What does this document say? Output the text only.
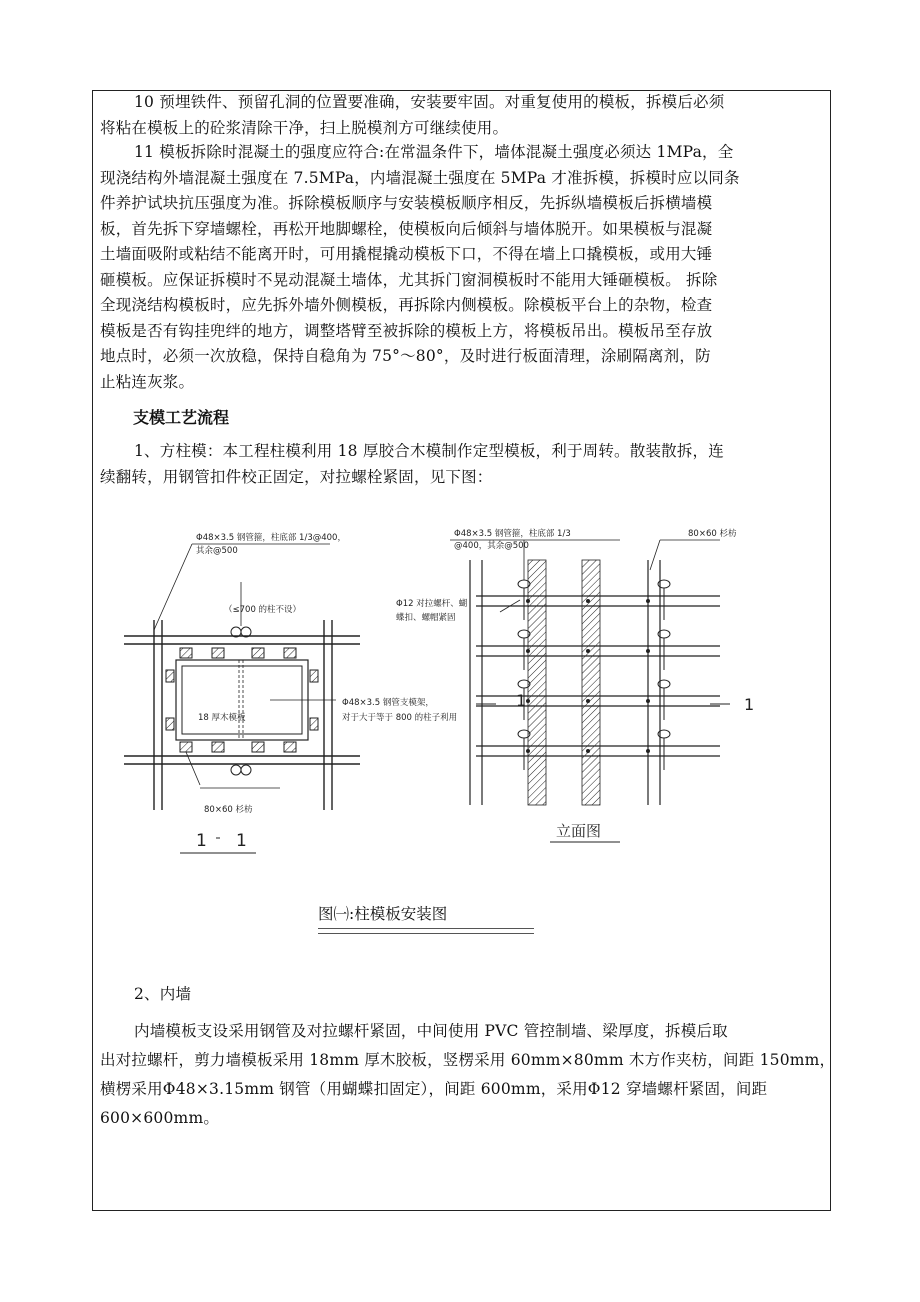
10 预埋铁件、预留孔洞的位置要准确，安装要牢固。对重复使用的模板，拆模后必须
将粘在模板上的砼浆清除干净，扫上脱模剂方可继续使用。
11 模板拆除时混凝土的强度应符合:在常温条件下，墙体混凝土强度必须达 1MPa，全
现浇结构外墙混凝土强度在 7.5MPa，内墙混凝土强度在 5MPa 才准拆模，拆模时应以同条
件养护试块抗压强度为准。拆除模板顺序与安装模板顺序相反，先拆纵墙模板后拆横墙模
板，首先拆下穿墙螺栓，再松开地脚螺栓，使模板向后倾斜与墙体脱开。如果模板与混凝
土墙面吸附或粘结不能离开时，可用撬棍撬动模板下口，不得在墙上口撬模板，或用大锤
砸模板。应保证拆模时不晃动混凝土墙体，尤其拆门窗洞模板时不能用大锤砸模板。 拆除
全现浇结构模板时，应先拆外墙外侧模板，再拆除内侧模板。除模板平台上的杂物，检查
模板是否有钩挂兜绊的地方，调整塔臂至被拆除的模板上方，将模板吊出。模板吊至存放
地点时，必须一次放稳，保持自稳角为 75°～80°，及时进行板面清理，涂刷隔离剂，防
止粘连灰浆。
支模工艺流程
1、方柱模：本工程柱模利用 18 厚胶合木模制作定型模板，利于周转。散装散拆，连
续翻转，用钢管扣件校正固定，对拉螺栓紧固，见下图：
Φ48×3.5 钢管箍，柱底部 1/3@400，
其余@500
（≤700 的柱不设）
18 厚木模板
Φ48×3.5 钢管支模架，
对于大于等于 800 的柱子利用
80×60 杉枋
1 1
Φ48×3.5 钢管箍，柱底部 1/3
@400，其余@500
80×60 杉枋
Φ12 对拉螺杆、蝴
蝶扣、螺帽紧固
1	1
立面图
图㈠:柱模板安装图
2、内墙
内墙模板支设采用钢管及对拉螺杆紧固，中间使用 PVC 管控制墙、梁厚度，拆模后取
出对拉螺杆，剪力墙模板采用 18mm 厚木胶板，竖楞采用 60mm×80mm 木方作夹枋，间距 150mm，
横楞采用Φ48×3.15mm 钢管（用蝴蝶扣固定），间距 600mm，采用Φ12 穿墙螺杆紧固，间距
600×600mm。
